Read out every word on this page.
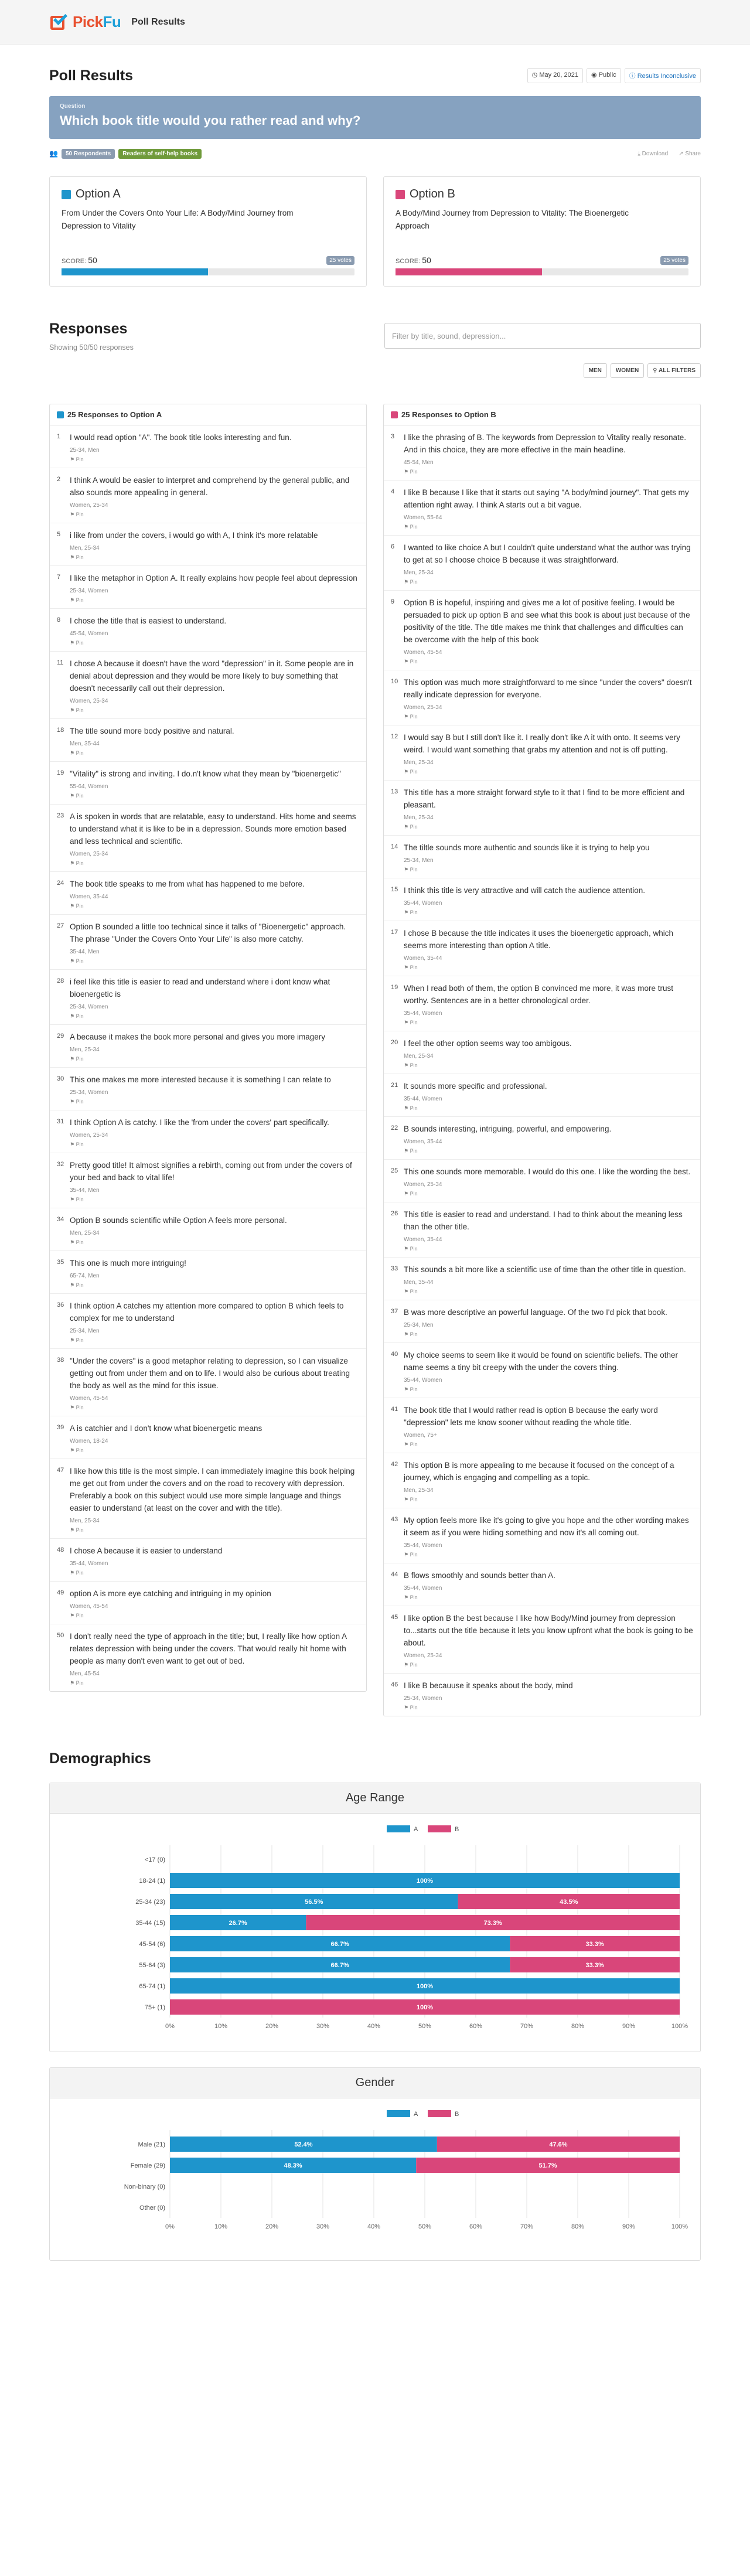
PickFu Poll Results
Poll Results	◷ May 20, 2021	◉ Public	ⓘ Results Inconclusive
Question
Which book title would you rather read and why?
👥	50 Respondents	Readers of self-help books	⤓ Download ↗ Share
Option A
From Under the Covers Onto Your Life: A Body/Mind Journey from Depression to Vitality
SCORE: 50	25 votes
Option B
A Body/Mind Journey from Depression to Vitality: The Bioenergetic Approach
SCORE: 50	25 votes
Responses
Showing 50/50 responses
Filter by title, sound, depression...
MEN	WOMEN	⚲ ALL FILTERS
25 Responses to Option A
1	I would read option "A". The book title looks interesting and fun.
25-34, Men
⚑ Pin
2	I think A would be easier to interpret and comprehend by the general public, and also sounds more appealing in general.
Women, 25-34
⚑ Pin
5	i like from under the covers, i would go with A, I think it's more relatable
Men, 25-34
⚑ Pin
7	I like the metaphor in Option A. It really explains how people feel about depression
25-34, Women
⚑ Pin
8	I chose the title that is easiest to understand.
45-54, Women
⚑ Pin
11 I chose A because it doesn't have the word "depression" in it. Some people are in denial about depression and they would be more likely to buy something that doesn't necessarily call out their depression.
Women, 25-34
⚑ Pin
18 The title sound more body positive and natural.
Men, 35-44
⚑ Pin
19 "Vitality" is strong and inviting. I do.n't know what they mean by "bioenergetic"
55-64, Women
⚑ Pin
23 A is spoken in words that are relatable, easy to understand. Hits home and seems to understand what it is like to be in a depression. Sounds more emotion based and less technical and scientific.
Women, 25-34
⚑ Pin
24 The book title speaks to me from what has happened to me before.
Women, 35-44
⚑ Pin
27 Option B sounded a little too technical since it talks of "Bioenergetic" approach. The phrase "Under the Covers Onto Your Life" is also more catchy.
35-44, Men
⚑ Pin
28 i feel like this title is easier to read and understand where i dont know what bioenergetic is
25-34, Women
⚑ Pin
29 A because it makes the book more personal and gives you more imagery
Men, 25-34
⚑ Pin
30 This one makes me more interested because it is something I can relate to
25-34, Women
⚑ Pin
31 I think Option A is catchy. I like the 'from under the covers' part specifically.
Women, 25-34
⚑ Pin
32 Pretty good title! It almost signifies a rebirth, coming out from under the covers of your bed and back to vital life!
35-44, Men
⚑ Pin
34 Option B sounds scientific while Option A feels more personal.
Men, 25-34
⚑ Pin
35 This one is much more intriguing!
65-74, Men
⚑ Pin
36 I think option A catches my attention more compared to option B which feels to complex for me to understand
25-34, Men
⚑ Pin
38 "Under the covers" is a good metaphor relating to depression, so I can visualize getting out from under them and on to life. I would also be curious about treating the body as well as the mind for this issue.
Women, 45-54
⚑ Pin
39 A is catchier and I don't know what bioenergetic means
Women, 18-24
⚑ Pin
47 I like how this title is the most simple. I can immediately imagine this book helping me get out from under the covers and on the road to recovery with depression. Preferably a book on this subject would use more simple language and things easier to understand (at least on the cover and with the title).
Men, 25-34
⚑ Pin
48 I chose A because it is easier to understand
35-44, Women
⚑ Pin
49 option A is more eye catching and intriguing in my opinion
Women, 45-54
⚑ Pin
50 I don't really need the type of approach in the title; but, I really like how option A relates depression with being under the covers. That would really hit home with people as many don't even want to get out of bed.
Men, 45-54
⚑ Pin
25 Responses to Option B
3	I like the phrasing of B. The keywords from Depression to Vitality really resonate. And in this choice, they are more effective in the main headline.
45-54, Men
⚑ Pin
4	I like B because I like that it starts out saying "A body/mind journey". That gets my attention right away. I think A starts out a bit vague.
Women, 55-64
⚑ Pin
6	I wanted to like choice A but I couldn't quite understand what the author was trying to get at so I choose choice B because it was straightforward.
Men, 25-34
⚑ Pin
9	Option B is hopeful, inspiring and gives me a lot of positive feeling. I would be persuaded to pick up option B and see what this book is about just because of the positivity of the title. The title makes me think that challenges and difficulties can be overcome with the help of this book
Women, 45-54
⚑ Pin
10 This option was much more straightforward to me since "under the covers" doesn't really indicate depression for everyone.
Women, 25-34
⚑ Pin
12 I would say B but I still don't like it. I really don't like A it with onto. It seems very weird. I would want something that grabs my attention and not is off putting.
Men, 25-34
⚑ Pin
13 This title has a more straight forward style to it that I find to be more efficient and pleasant.
Men, 25-34
⚑ Pin
14 The tiltle sounds more authentic and sounds like it is trying to help you
25-34, Men
⚑ Pin
15 I think this title is very attractive and will catch the audience attention.
35-44, Women
⚑ Pin
17 I chose B because the title indicates it uses the bioenergetic approach, which seems more interesting than option A title.
Women, 35-44
⚑ Pin
19 When I read both of them, the option B convinced me more, it was more trust worthy. Sentences are in a better chronological order.
35-44, Women
⚑ Pin
20 I feel the other option seems way too ambigous.
Men, 25-34
⚑ Pin
21 It sounds more specific and professional.
35-44, Women
⚑ Pin
22 B sounds interesting, intriguing, powerful, and empowering.
Women, 35-44
⚑ Pin
25 This one sounds more memorable. I would do this one. I like the wording the best.
Women, 25-34
⚑ Pin
26 This title is easier to read and understand. I had to think about the meaning less than the other title.
Women, 35-44
⚑ Pin
33 This sounds a bit more like a scientific use of time than the other title in question.
Men, 35-44
⚑ Pin
37 B was more descriptive an powerful language. Of the two I'd pick that book.
25-34, Men
⚑ Pin
40 My choice seems to seem like it would be found on scientific beliefs. The other name seems a tiny bit creepy with the under the covers thing.
35-44, Women
⚑ Pin
41 The book title that I would rather read is option B because the early word "depression" lets me know sooner without reading the whole title.
Women, 75+
⚑ Pin
42 This option B is more appealing to me because it focused on the concept of a journey, which is engaging and compelling as a topic.
Men, 25-34
⚑ Pin
43 My option feels more like it's going to give you hope and the other wording makes it seem as if you were hiding something and now it's all coming out.
35-44, Women
⚑ Pin
44 B flows smoothly and sounds better than A.
35-44, Women
⚑ Pin
45 I like option B the best because I like how Body/Mind journey from depression to...starts out the title because it lets you know upfront what the book is going to be about.
Women, 25-34
⚑ Pin
46 I like B becauuse it speaks about the body, mind
25-34, Women
⚑ Pin
Demographics
Age Range
A	B
0%	10%	20%	30%	40%	50%	60%	70%	80%	90%	100%
<17 (0)
18-24 (1)	100%
25-34 (23)	56.5%	43.5%
35-44 (15)	26.7%	73.3%
45-54 (6)	66.7%	33.3%
55-64 (3)	66.7%	33.3%
65-74 (1)	100%
75+ (1)	100%
Gender
A	B
0%	10%	20%	30%	40%	50%	60%	70%	80%	90%	100%
Male (21)	52.4%	47.6%
Female (29)	48.3%	51.7%
Non-binary (0)
Other (0)
